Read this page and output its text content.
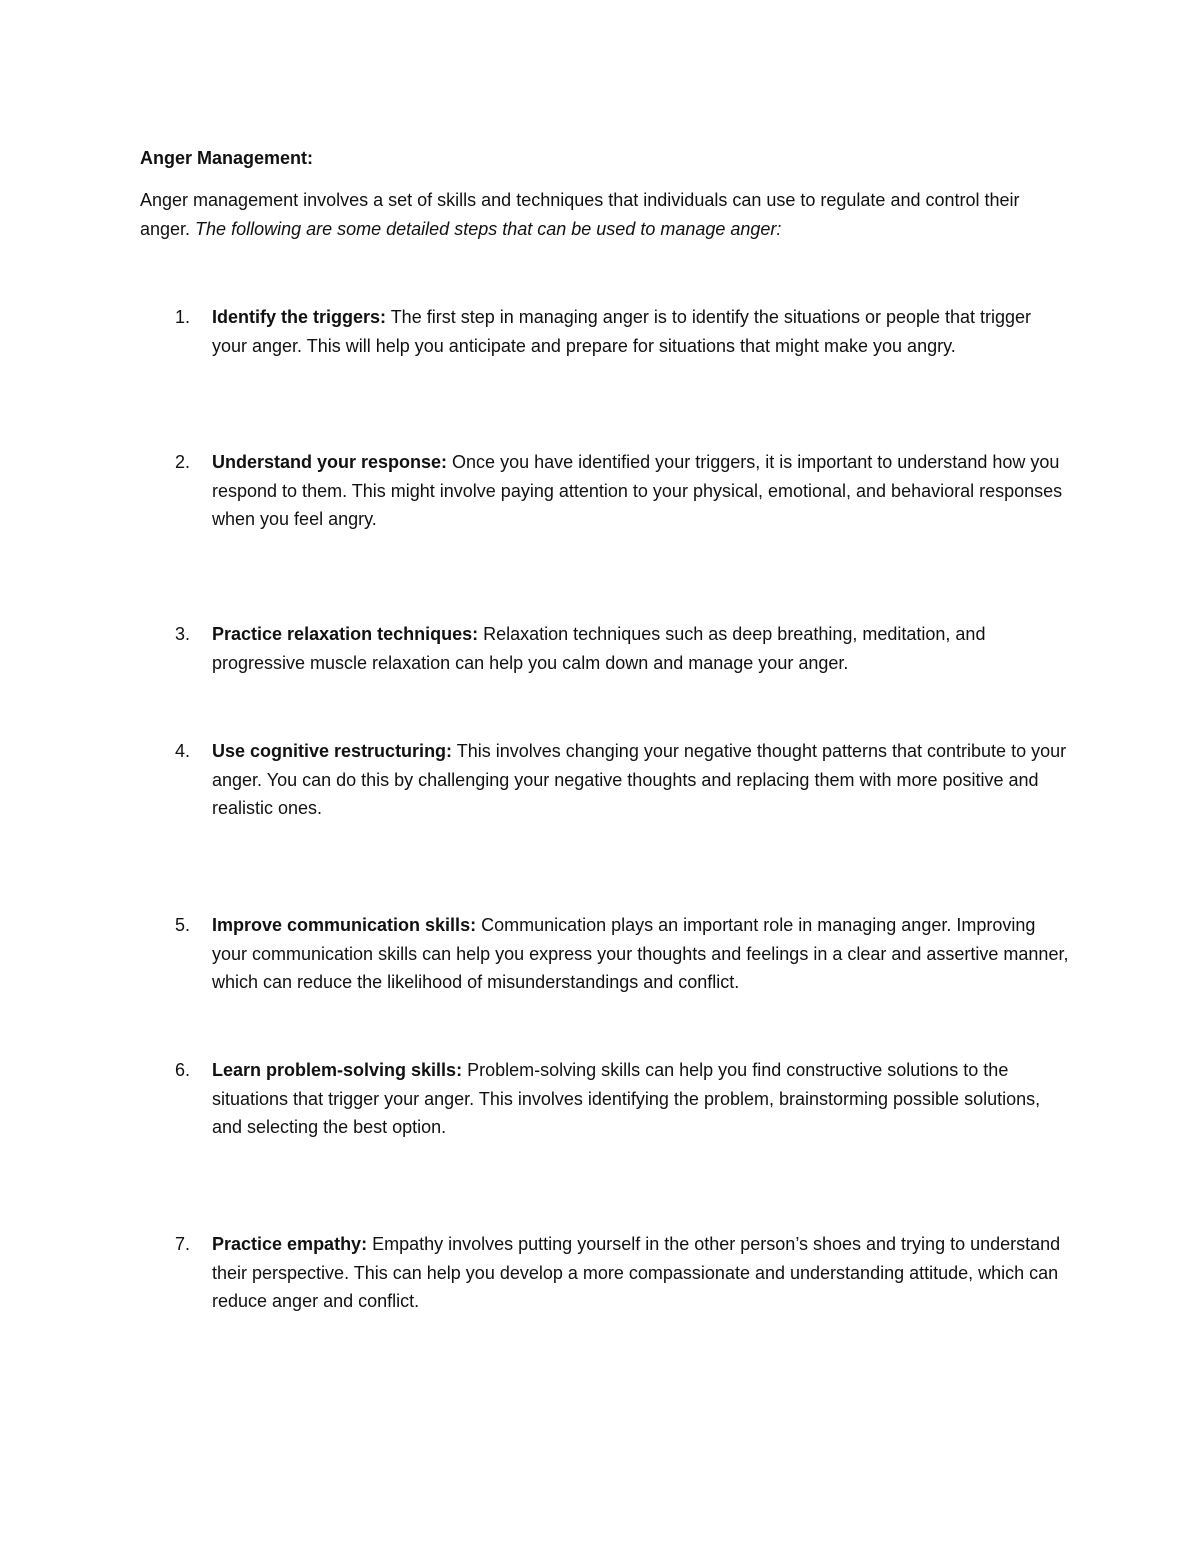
Anger Management:

Anger management involves a set of skills and techniques that individuals can use to regulate and control their anger. The following are some detailed steps that can be used to manage anger:

1.	Identify the triggers: The first step in managing anger is to identify the situations or people that trigger your anger. This will help you anticipate and prepare for situations that might make you angry.
2.	Understand your response: Once you have identified your triggers, it is important to understand how you respond to them. This might involve paying attention to your physical, emotional, and behavioral responses when you feel angry.
3.	Practice relaxation techniques: Relaxation techniques such as deep breathing, meditation, and progressive muscle relaxation can help you calm down and manage your anger.
4.	Use cognitive restructuring: This involves changing your negative thought patterns that contribute to your anger. You can do this by challenging your negative thoughts and replacing them with more positive and realistic ones.
5.	Improve communication skills: Communication plays an important role in managing anger. Improving your communication skills can help you express your thoughts and feelings in a clear and assertive manner, which can reduce the likelihood of misunderstandings and conflict.
6.	Learn problem-solving skills: Problem-solving skills can help you find constructive solutions to the situations that trigger your anger. This involves identifying the problem, brainstorming possible solutions, and selecting the best option.
7.	Practice empathy: Empathy involves putting yourself in the other person’s shoes and trying to understand their perspective. This can help you develop a more compassionate and understanding attitude, which can reduce anger and conflict.
